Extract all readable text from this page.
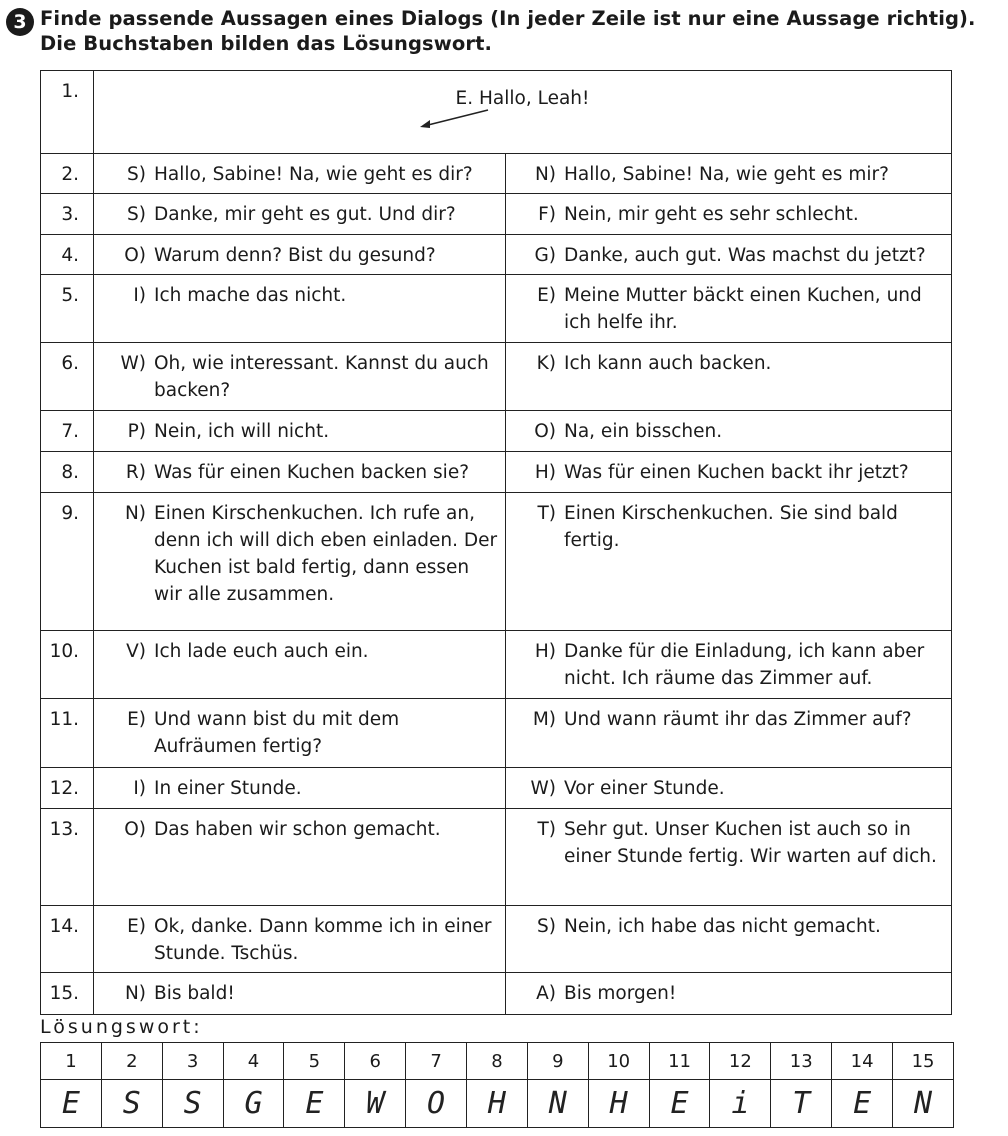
3 Finde passende Aussagen eines Dialogs (In jeder Zeile ist nur eine Aussage richtig). Die Buchstaben bilden das Lösungswort.
1.	E. Hallo, Leah!	

2.	S) Hallo, Sabine! Na, wie geht es dir?	N) Hallo, Sabine! Na, wie geht es mir?

3.	S) Danke, mir geht es gut. Und dir?	F) Nein, mir geht es sehr schlecht.

4.	O) Warum denn? Bist du gesund?	G) Danke, auch gut. Was machst du jetzt?

5.	I) Ich mache das nicht.	E) Meine Mutter bäckt einen Kuchen, und ich helfe ihr.

6.	W) Oh, wie interessant. Kannst du auch backen?	K) Ich kann auch backen.

7.	P) Nein, ich will nicht.	O) Na, ein bisschen.

8.	R) Was für einen Kuchen backen sie?	H) Was für einen Kuchen backt ihr jetzt?

9.	N) Einen Kirschenkuchen. Ich rufe an, denn ich will dich eben einladen. Der Kuchen ist bald fertig, dann essen wir alle zusammen.	T) Einen Kirschenkuchen. Sie sind bald fertig.

10.	V) Ich lade euch auch ein.	H) Danke für die Einladung, ich kann aber nicht. Ich räume das Zimmer auf.

11.	E) Und wann bist du mit dem Aufräumen fertig?	M) Und wann räumt ihr das Zimmer auf?

12.	I) In einer Stunde.	W) Vor einer Stunde.

13.	O) Das haben wir schon gemacht.	T) Sehr gut. Unser Kuchen ist auch so in einer Stunde fertig. Wir warten auf dich.

14.	E) Ok, danke. Dann komme ich in einer Stunde. Tschüs.	S) Nein, ich habe das nicht gemacht.

15.	N) Bis bald!	A) Bis morgen!
Lösungswort:
1	2	3	4	5	6	7	8	9	10	11	12	13	14	15
E	S	S	G	E	W	O	H	N	H	E	i	T	E	N
